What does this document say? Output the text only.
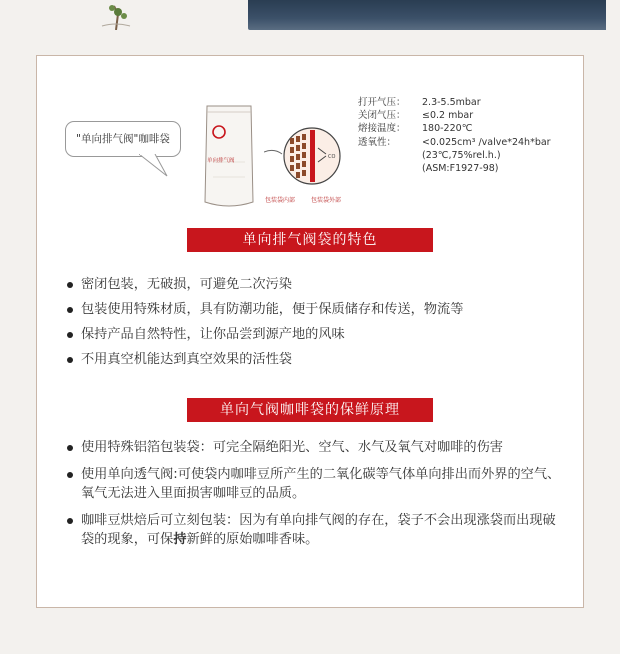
"单向排气阀"咖啡袋
单向排气阀
CO
包装袋内部	包装袋外部
打开气压：	2.3-5.5mbar
关闭气压：	≤0.2 mbar
熔接温度：	180-220℃
透氧性：	<0.025cm³ /valve*24h*bar
(23℃,75%rel.h.)
(ASM:F1927-98)
单向排气阀袋的特色
密闭包装，无破损，可避免二次污染
包装使用特殊材质，具有防潮功能，便于保质储存和传送，物流等
保持产品自然特性，让你品尝到源产地的风味
不用真空机能达到真空效果的活性袋
单向气阀咖啡袋的保鲜原理
使用特殊铝箔包装袋：可完全隔绝阳光、空气、水气及氧气对咖啡的伤害
使用单向透气阀:可使袋内咖啡豆所产生的二氧化碳等气体单向排出而外界的空气、氧气无法进入里面损害咖啡豆的品质。
咖啡豆烘焙后可立刻包装：因为有单向排气阀的存在，袋子不会出现涨袋而出现破袋的现象，可保持新鲜的原始咖啡香味。
